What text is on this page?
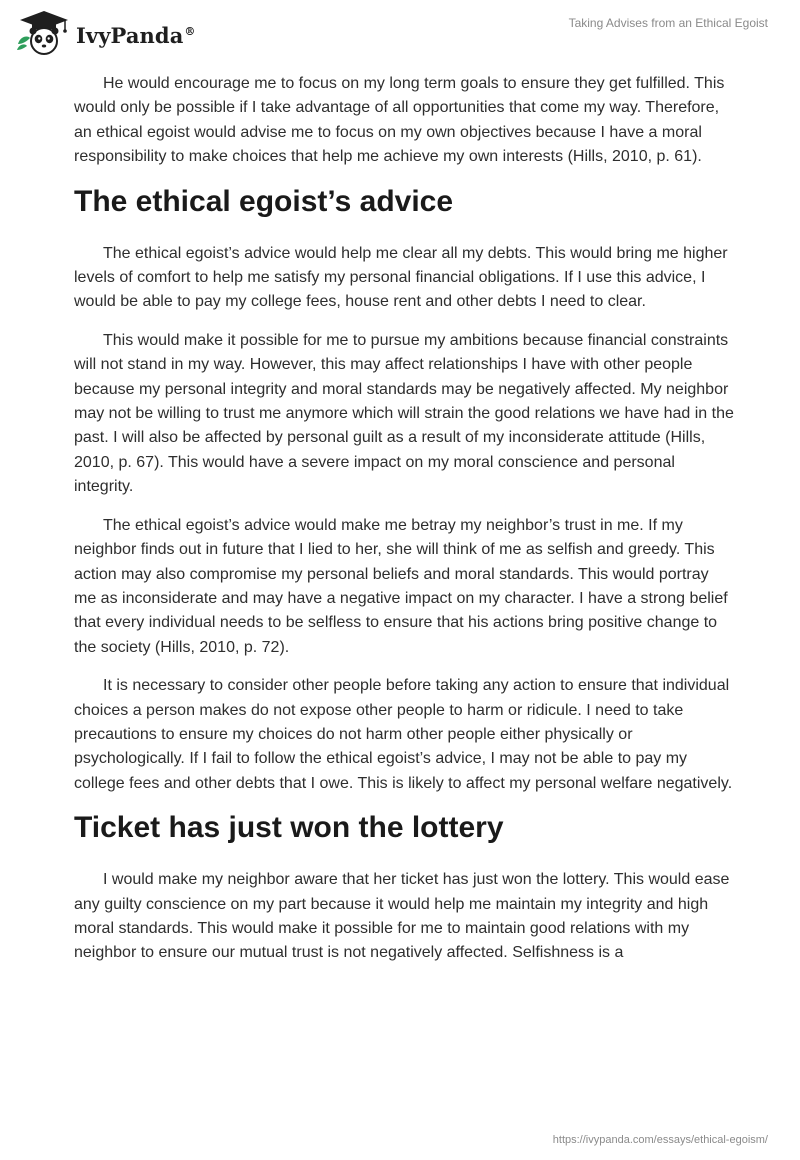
IvyPanda®
Taking Advises from an Ethical Egoist

He would encourage me to focus on my long term goals to ensure they get fulfilled. This would only be possible if I take advantage of all opportunities that come my way. Therefore, an ethical egoist would advise me to focus on my own objectives because I have a moral responsibility to make choices that help me achieve my own interests (Hills, 2010, p. 61).

The ethical egoist’s advice

The ethical egoist’s advice would help me clear all my debts. This would bring me higher levels of comfort to help me satisfy my personal financial obligations. If I use this advice, I would be able to pay my college fees, house rent and other debts I need to clear.

This would make it possible for me to pursue my ambitions because financial constraints will not stand in my way. However, this may affect relationships I have with other people because my personal integrity and moral standards may be negatively affected. My neighbor may not be willing to trust me anymore which will strain the good relations we have had in the past. I will also be affected by personal guilt as a result of my inconsiderate attitude (Hills, 2010, p. 67). This would have a severe impact on my moral conscience and personal integrity.

The ethical egoist’s advice would make me betray my neighbor’s trust in me. If my neighbor finds out in future that I lied to her, she will think of me as selfish and greedy. This action may also compromise my personal beliefs and moral standards. This would portray me as inconsiderate and may have a negative impact on my character. I have a strong belief that every individual needs to be selfless to ensure that his actions bring positive change to the society (Hills, 2010, p. 72).

It is necessary to consider other people before taking any action to ensure that individual choices a person makes do not expose other people to harm or ridicule. I need to take precautions to ensure my choices do not harm other people either physically or psychologically. If I fail to follow the ethical egoist’s advice, I may not be able to pay my college fees and other debts that I owe. This is likely to affect my personal welfare negatively.

Ticket has just won the lottery

I would make my neighbor aware that her ticket has just won the lottery. This would ease any guilty conscience on my part because it would help me maintain my integrity and high moral standards. This would make it possible for me to maintain good relations with my neighbor to ensure our mutual trust is not negatively affected. Selfishness is a

https://ivypanda.com/essays/ethical-egoism/
